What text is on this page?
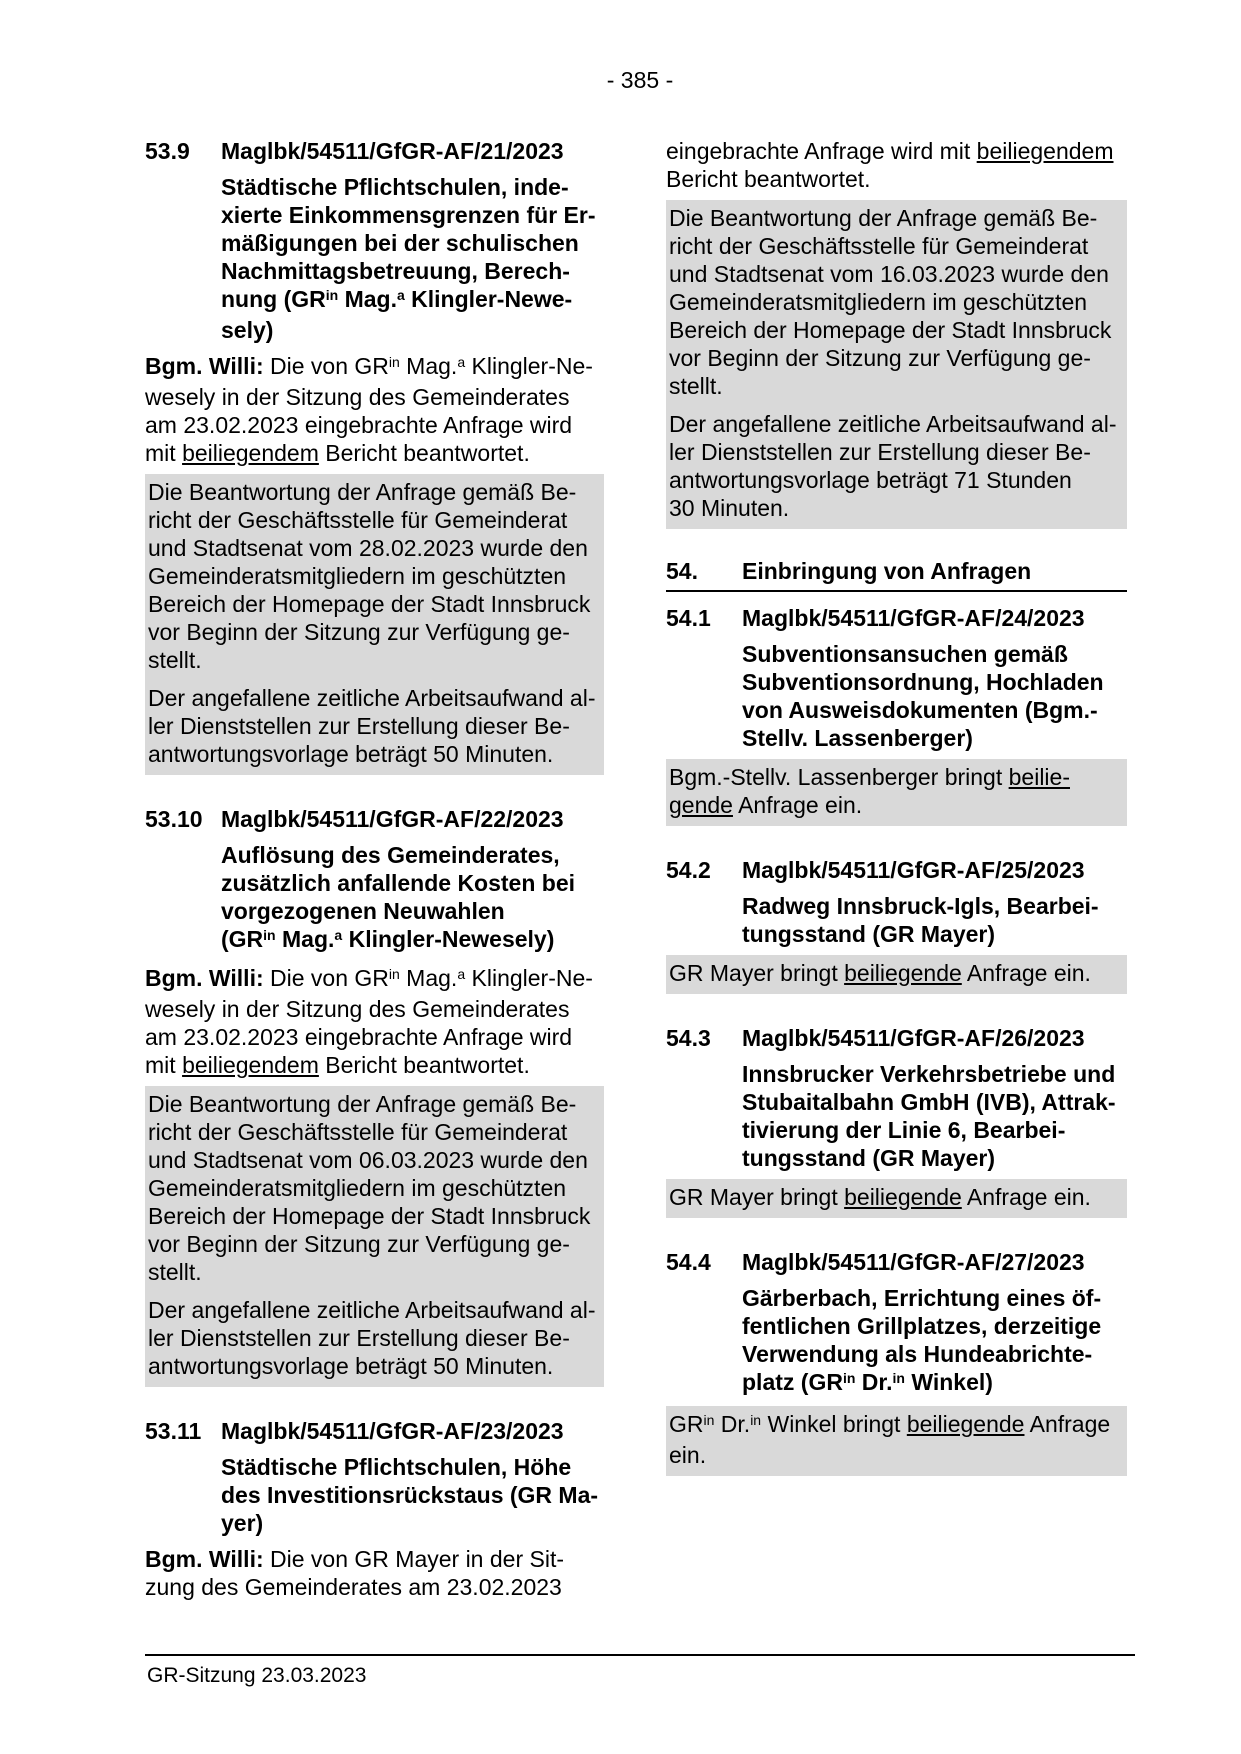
- 385 -
53.9	Maglbk/54511/GfGR-AF/21/2023
Städtische Pflichtschulen, inde-
xierte Einkommensgrenzen für Er-
mäßigungen bei der schulischen
Nachmittagsbetreuung, Berech-
nung ($GR^{in}$ Mag.$^a$ Klingler-Newe-
sely)
Bgm. Willi: Die von $GR^{in}$ Mag.$^a$ Klingler-Ne-
wesely in der Sitzung des Gemeinderates
am 23.02.2023 eingebrachte Anfrage wird
mit beiliegendem Bericht beantwortet.
Die Beantwortung der Anfrage gemäß Be-
richt der Geschäftsstelle für Gemeinderat
und Stadtsenat vom 28.02.2023 wurde den
Gemeinderatsmitgliedern im geschützten
Bereich der Homepage der Stadt Innsbruck
vor Beginn der Sitzung zur Verfügung ge-
stellt.
Der angefallene zeitliche Arbeitsaufwand al-
ler Dienststellen zur Erstellung dieser Be-
antwortungsvorlage beträgt 50 Minuten.
53.10 Maglbk/54511/GfGR-AF/22/2023
Auflösung des Gemeinderates,
zusätzlich anfallende Kosten bei
vorgezogenen Neuwahlen
($GR^{in}$ Mag.$^a$ Klingler-Newesely)
Bgm. Willi: Die von $GR^{in}$ Mag.$^a$ Klingler-Ne-
wesely in der Sitzung des Gemeinderates
am 23.02.2023 eingebrachte Anfrage wird
mit beiliegendem Bericht beantwortet.
Die Beantwortung der Anfrage gemäß Be-
richt der Geschäftsstelle für Gemeinderat
und Stadtsenat vom 06.03.2023 wurde den
Gemeinderatsmitgliedern im geschützten
Bereich der Homepage der Stadt Innsbruck
vor Beginn der Sitzung zur Verfügung ge-
stellt.
Der angefallene zeitliche Arbeitsaufwand al-
ler Dienststellen zur Erstellung dieser Be-
antwortungsvorlage beträgt 50 Minuten.
53.11 Maglbk/54511/GfGR-AF/23/2023
Städtische Pflichtschulen, Höhe
des Investitionsrückstaus (GR Ma-
yer)
Bgm. Willi: Die von GR Mayer in der Sit-
zung des Gemeinderates am 23.02.2023
eingebrachte Anfrage wird mit beiliegendem
Bericht beantwortet.
Die Beantwortung der Anfrage gemäß Be-
richt der Geschäftsstelle für Gemeinderat
und Stadtsenat vom 16.03.2023 wurde den
Gemeinderatsmitgliedern im geschützten
Bereich der Homepage der Stadt Innsbruck
vor Beginn der Sitzung zur Verfügung ge-
stellt.
Der angefallene zeitliche Arbeitsaufwand al-
ler Dienststellen zur Erstellung dieser Be-
antwortungsvorlage beträgt 71 Stunden
30 Minuten.
54.	Einbringung von Anfragen
54.1	Maglbk/54511/GfGR-AF/24/2023
Subventionsansuchen gemäß
Subventionsordnung, Hochladen
von Ausweisdokumenten (Bgm.-
Stellv. Lassenberger)
Bgm.-Stellv. Lassenberger bringt beilie-
gende Anfrage ein.
54.2	Maglbk/54511/GfGR-AF/25/2023
Radweg Innsbruck-Igls, Bearbei-
tungsstand (GR Mayer)
GR Mayer bringt beiliegende Anfrage ein.
54.3	Maglbk/54511/GfGR-AF/26/2023
Innsbrucker Verkehrsbetriebe und
Stubaitalbahn GmbH (IVB), Attrak-
tivierung der Linie 6, Bearbei-
tungsstand (GR Mayer)
GR Mayer bringt beiliegende Anfrage ein.
54.4	Maglbk/54511/GfGR-AF/27/2023
Gärberbach, Errichtung eines öf-
fentlichen Grillplatzes, derzeitige
Verwendung als Hundeabrichte-
platz ($GR^{in}$ Dr.$^{in}$ Winkel)
$GR^{in}$ Dr.$^{in}$ Winkel bringt beiliegende Anfrage
ein.
GR-Sitzung 23.03.2023
